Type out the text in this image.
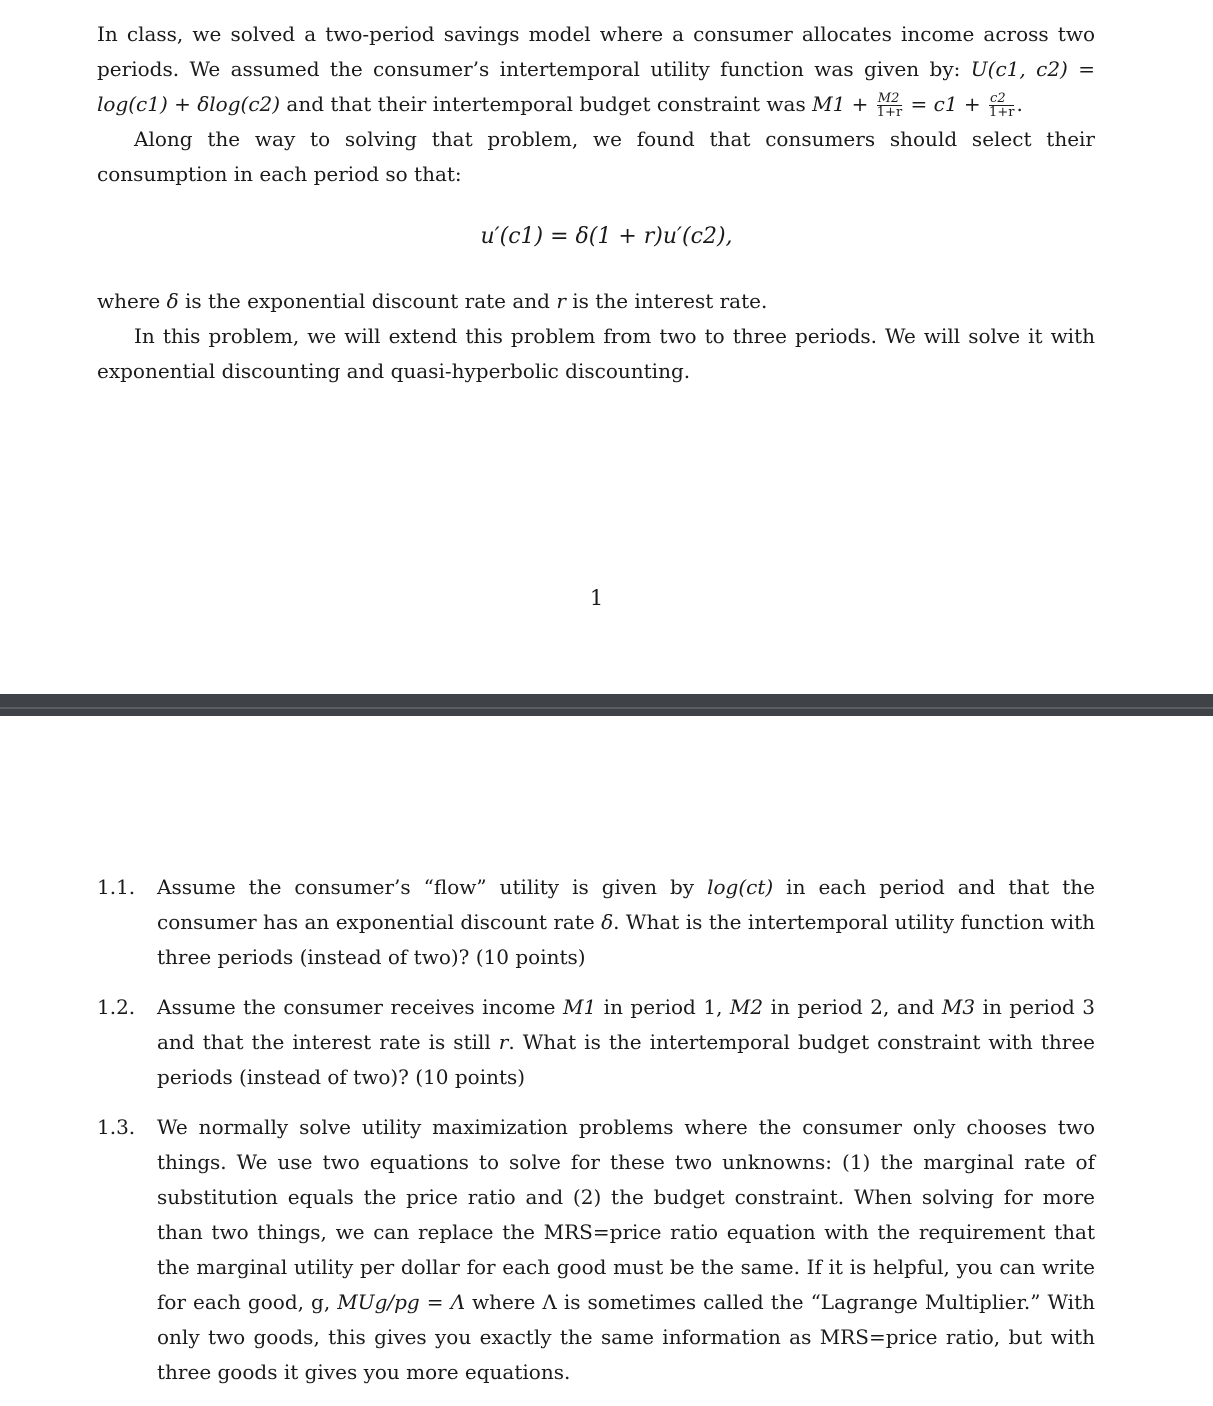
In class, we solved a two-period savings model where a consumer allocates income across two periods. We assumed the consumer’s intertemporal utility function was given by: U(c1, c2) = log(c1) + δlog(c2) and that their intertemporal budget constraint was $M1 + \frac{M2}{1+r} = c1 + \frac{c2}{1+r}$ .
Along the way to solving that problem, we found that consumers should select their consumption in each period so that:
u′(c1) = δ(1 + r)u′(c2),
where δ is the exponential discount rate and r is the interest rate.
In this problem, we will extend this problem from two to three periods. We will solve it with exponential discounting and quasi-hyperbolic discounting.
1
1.1. Assume the consumer’s “flow” utility is given by log(ct) in each period and that the consumer has an exponential discount rate δ. What is the intertemporal utility function with three periods (instead of two)? (10 points)
1.2. Assume the consumer receives income M1 in period 1, M2 in period 2, and M3 in period 3 and that the interest rate is still r. What is the intertemporal budget constraint with three periods (instead of two)? (10 points)
1.3. We normally solve utility maximization problems where the consumer only chooses two things. We use two equations to solve for these two unknowns: (1) the marginal rate of substitution equals the price ratio and (2) the budget constraint. When solving for more than two things, we can replace the MRS=price ratio equation with the requirement that the marginal utility per dollar for each good must be the same. If it is helpful, you can write for each good, g, MUg/pg = Λ where Λ is sometimes called the “Lagrange Multiplier.” With only two goods, this gives you exactly the same information as MRS=price ratio, but with three goods it gives you more equations.
